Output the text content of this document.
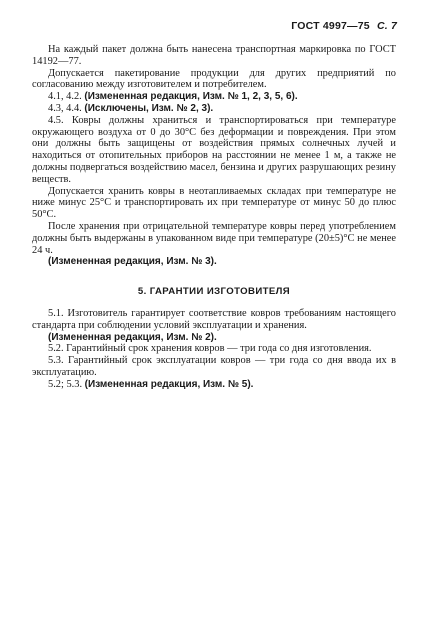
ГОСТ 4997—75 С. 7

На каждый пакет должна быть нанесена транспортная маркировка по ГОСТ 14192—77.

Допускается пакетирование продукции для других предприятий по согласованию между изготовителем и потребителем.

4.1, 4.2. (Измененная редакция, Изм. № 1, 2, 3, 5, 6).

4.3, 4.4. (Исключены, Изм. № 2, 3).

4.5. Ковры должны храниться и транспортироваться при температуре окружающего воздуха от 0 до 30°С без деформации и повреждения. При этом они должны быть защищены от воздействия прямых солнечных лучей и находиться от отопительных приборов на расстоянии не менее 1 м, а также не должны подвергаться воздействию масел, бензина и других разрушающих резину веществ.

Допускается хранить ковры в неотапливаемых складах при температуре не ниже минус 25°С и транспортировать их при температуре от минус 50 до плюс 50°С.

После хранения при отрицательной температуре ковры перед употреблением должны быть выдержаны в упакованном виде при температуре (20±5)°С не менее 24 ч.

(Измененная редакция, Изм. № 3).

5. ГАРАНТИИ ИЗГОТОВИТЕЛЯ

5.1. Изготовитель гарантирует соответствие ковров требованиям настоящего стандарта при соблюдении условий эксплуатации и хранения.

(Измененная редакция, Изм. № 2).

5.2. Гарантийный срок хранения ковров — три года со дня изготовления.

5.3. Гарантийный срок эксплуатации ковров — три года со дня ввода их в эксплуатацию.

5.2; 5.3. (Измененная редакция, Изм. № 5).
